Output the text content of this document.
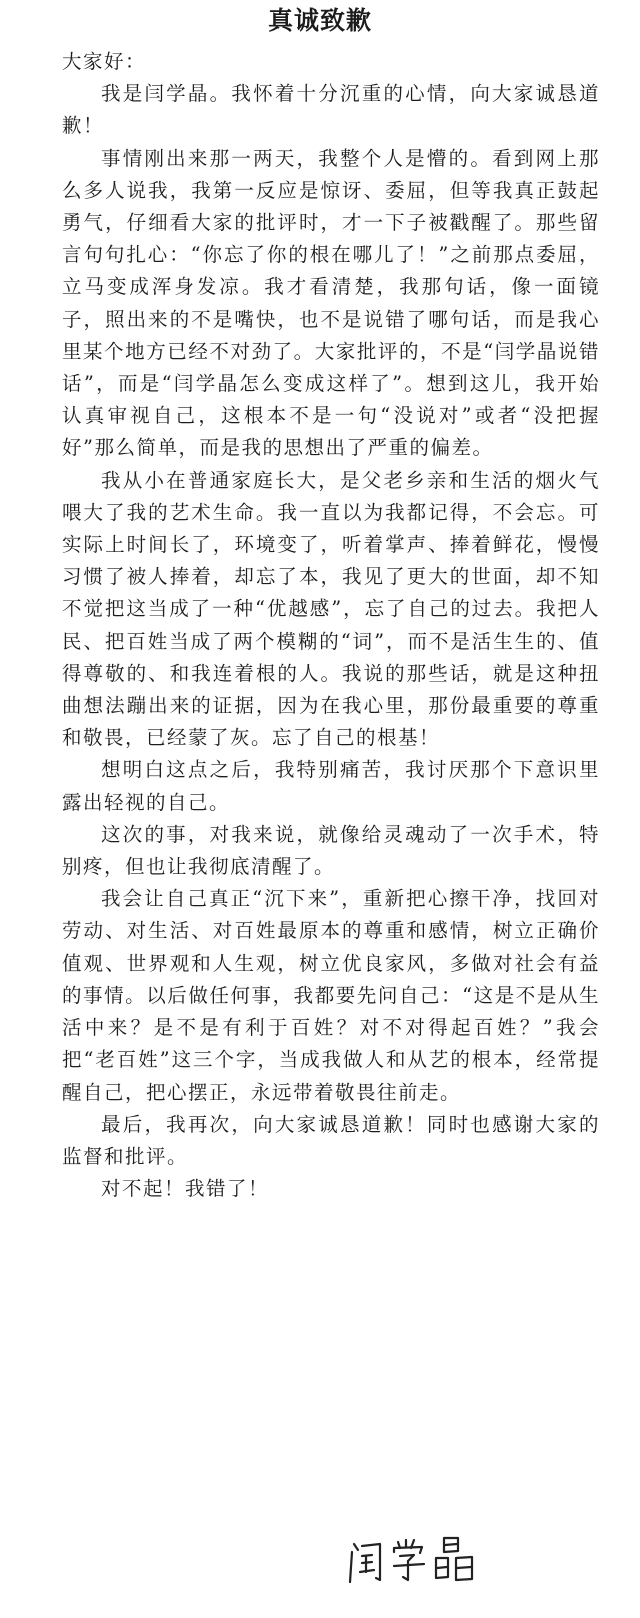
真诚致歉

大家好：

我是闫学晶。我怀着十分沉重的心情，向大家诚恳道歉！

事情刚出来那一两天，我整个人是懵的。看到网上那么多人说我，我第一反应是惊讶、委屈，但等我真正鼓起勇气，仔细看大家的批评时，才一下子被戳醒了。那些留言句句扎心：“你忘了你的根在哪儿了！”之前那点委屈，立马变成浑身发凉。我才看清楚，我那句话，像一面镜子，照出来的不是嘴快，也不是说错了哪句话，而是我心里某个地方已经不对劲了。大家批评的，不是“闫学晶说错话”，而是“闫学晶怎么变成这样了”。想到这儿，我开始认真审视自己，这根本不是一句“没说对”或者“没把握好”那么简单，而是我的思想出了严重的偏差。

我从小在普通家庭长大，是父老乡亲和生活的烟火气喂大了我的艺术生命。我一直以为我都记得，不会忘。可实际上时间长了，环境变了，听着掌声、捧着鲜花，慢慢习惯了被人捧着，却忘了本，我见了更大的世面，却不知不觉把这当成了一种“优越感”，忘了自己的过去。我把人民、把百姓当成了两个模糊的“词”，而不是活生生的、值得尊敬的、和我连着根的人。我说的那些话，就是这种扭曲想法蹦出来的证据，因为在我心里，那份最重要的尊重和敬畏，已经蒙了灰。忘了自己的根基！

想明白这点之后，我特别痛苦，我讨厌那个下意识里露出轻视的自己。

这次的事，对我来说，就像给灵魂动了一次手术，特别疼，但也让我彻底清醒了。

我会让自己真正“沉下来”，重新把心擦干净，找回对劳动、对生活、对百姓最原本的尊重和感情，树立正确价值观、世界观和人生观，树立优良家风，多做对社会有益的事情。以后做任何事，我都要先问自己：“这是不是从生活中来？是不是有利于百姓？对不对得起百姓？”我会把“老百姓”这三个字，当成我做人和从艺的根本，经常提醒自己，把心摆正，永远带着敬畏往前走。

最后，我再次，向大家诚恳道歉！同时也感谢大家的监督和批评。

对不起！我错了！
